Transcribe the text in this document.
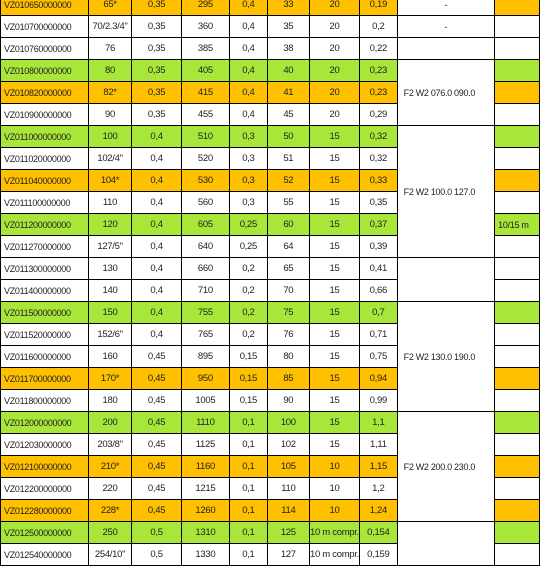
VZ010650000000	65*	0,35	295	0,4	33	20	0,19	-	
VZ010700000000	70/2.3/4"	0,35	360	0,4	35	20	0,2	-	
VZ010760000000	76	0,35	385	0,4	38	20	0,22		
VZ010800000000	80	0,35	405	0,4	40	20	0,23	F2 W2 076.0 090.0	
VZ010820000000	82*	0,35	415	0,4	41	20	0,23		
VZ010900000000	90	0,35	455	0,4	45	20	0,29		
VZ011000000000	100	0,4	510	0,3	50	15	0,32	F2 W2 100.0 127.0	
VZ011020000000	102/4"	0,4	520	0,3	51	15	0,32		
VZ011040000000	104*	0,4	530	0,3	52	15	0,33		
VZ011100000000	110	0,4	560	0,3	55	15	0,35		
VZ011200000000	120	0,4	605	0,25	60	15	0,37		10/15 m
VZ011270000000	127/5"	0,4	640	0,25	64	15	0,39		
VZ011300000000	130	0,4	660	0,2	65	15	0,41		
VZ011400000000	140	0,4	710	0,2	70	15	0,66		
VZ011500000000	150	0,4	755	0,2	75	15	0,7	F2 W2 130.0 190.0	
VZ011520000000	152/6"	0,4	765	0,2	76	15	0,71		
VZ011600000000	160	0,45	895	0,15	80	15	0,75		
VZ011700000000	170*	0,45	950	0,15	85	15	0,94		
VZ011800000000	180	0,45	1005	0,15	90	15	0,99		
VZ012000000000	200	0,45	1110	0,1	100	15	1,1	F2 W2 200.0 230.0	
VZ012030000000	203/8"	0,45	1125	0,1	102	15	1,11		
VZ012100000000	210*	0,45	1160	0,1	105	10	1,15		
VZ012200000000	220	0,45	1215	0,1	110	10	1,2		
VZ012280000000	228*	0,45	1260	0,1	114	10	1,24		
VZ012500000000	250	0,5	1310	0,1	125	10 m compr.	0,154		
VZ012540000000	254/10"	0,5	1330	0,1	127	10 m compr.	0,159		
